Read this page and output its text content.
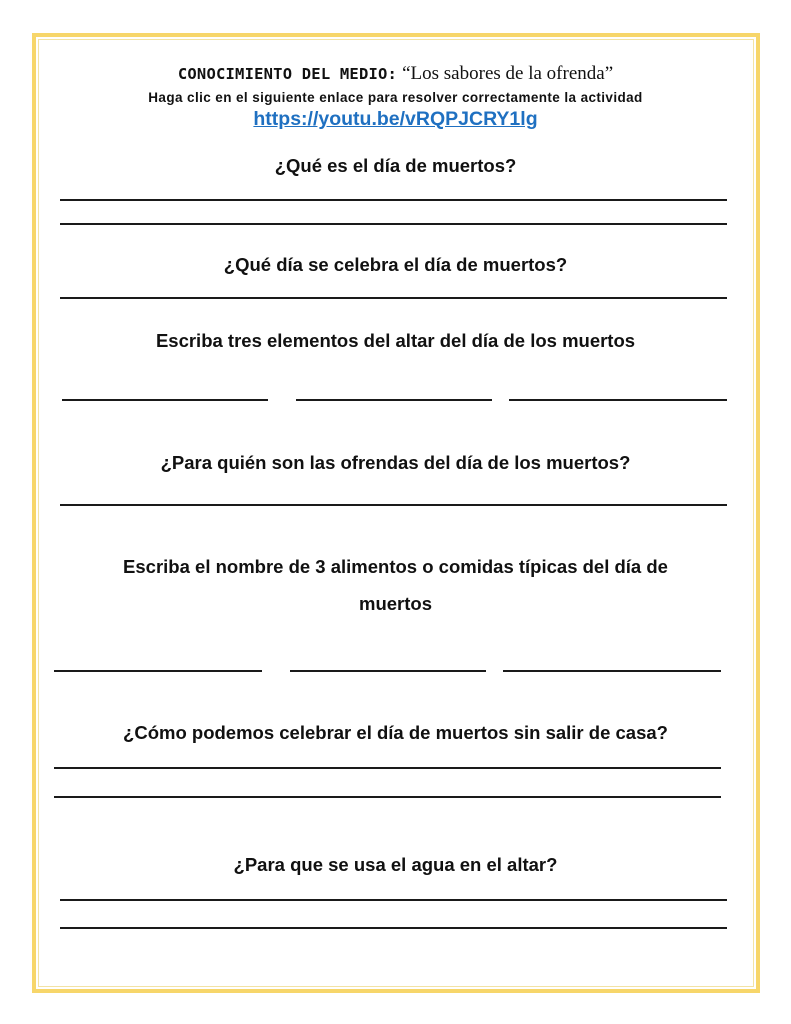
CONOCIMIENTO DEL MEDIO: “Los sabores de la ofrenda”
Haga clic en el siguiente enlace para resolver correctamente la actividad
https://youtu.be/vRQPJCRY1lg
¿Qué es el día de muertos?
¿Qué día se celebra el día de muertos?
Escriba tres elementos del altar del día de los muertos
¿Para quién son las ofrendas del día de los muertos?
Escriba el nombre de 3 alimentos o comidas típicas del día de
muertos
¿Cómo podemos celebrar el día de muertos sin salir de casa?
¿Para que se usa el agua en el altar?
